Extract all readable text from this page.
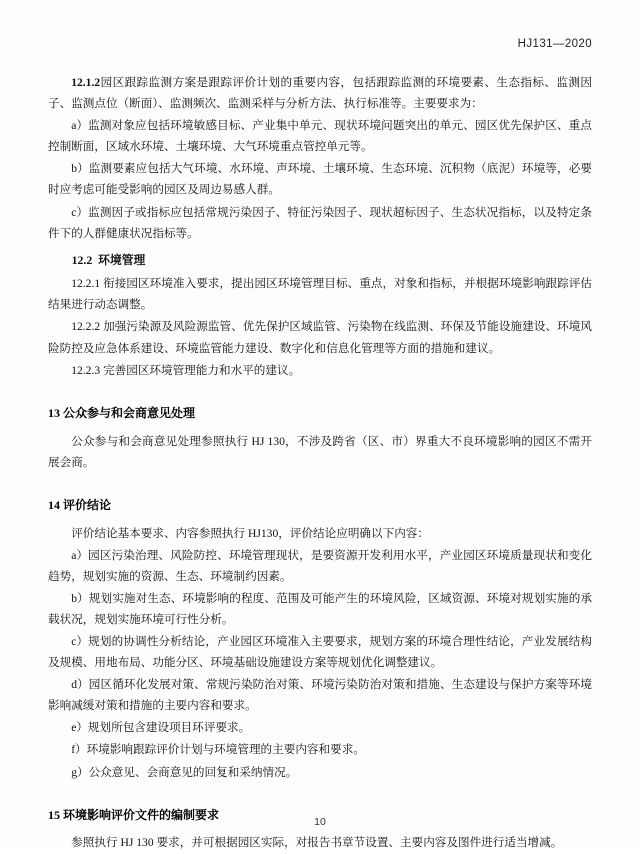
HJ131—2020

12.1.2园区跟踪监测方案是跟踪评价计划的重要内容，包括跟踪监测的环境要素、生态指标、监测因子、监测点位（断面）、监测频次、监测采样与分析方法、执行标准等。主要要求为：

a）监测对象应包括环境敏感目标、产业集中单元、现状环境问题突出的单元、园区优先保护区、重点控制断面，区域水环境、土壤环境、大气环境重点管控单元等。

b）监测要素应包括大气环境、水环境、声环境、土壤环境、生态环境、沉积物（底泥）环境等，必要时应考虑可能受影响的园区及周边易感人群。

c）监测因子或指标应包括常规污染因子、特征污染因子、现状超标因子、生态状况指标，以及特定条件下的人群健康状况指标等。

12.2 环境管理

12.2.1 衔接园区环境准入要求，提出园区环境管理目标、重点，对象和指标，并根据环境影响跟踪评估结果进行动态调整。

12.2.2 加强污染源及风险源监管、优先保护区域监管、污染物在线监测、环保及节能设施建设、环境风险防控及应急体系建设、环境监管能力建设、数字化和信息化管理等方面的措施和建议。

12.2.3 完善园区环境管理能力和水平的建议。

13 公众参与和会商意见处理

公众参与和会商意见处理参照执行 HJ 130，不涉及跨省（区、市）界重大不良环境影响的园区不需开展会商。

14 评价结论

评价结论基本要求、内容参照执行 HJ130，评价结论应明确以下内容：

a）园区污染治理、风险防控、环境管理现状，是要资源开发利用水平，产业园区环境质量现状和变化趋势，规划实施的资源、生态、环境制约因素。

b）规划实施对生态、环境影响的程度、范围及可能产生的环境风险，区域资源、环境对规划实施的承载状况，规划实施环境可行性分析。

c）规划的协调性分析结论，产业园区环境准入主要要求，规划方案的环境合理性结论，产业发展结构及规模、用地布局、功能分区、环境基础设施建设方案等规划优化调整建议。

d）园区循环化发展对策、常规污染防治对策、环境污染防治对策和措施、生态建设与保护方案等环境影响减缓对策和措施的主要内容和要求。

e）规划所包含建设项目环评要求。

f）环境影响跟踪评价计划与环境管理的主要内容和要求。

g）公众意见、会商意见的回复和采纳情况。

15 环境影响评价文件的编制要求

参照执行 HJ 130 要求，并可根据园区实际，对报告书章节设置、主要内容及图件进行适当增减。

10
